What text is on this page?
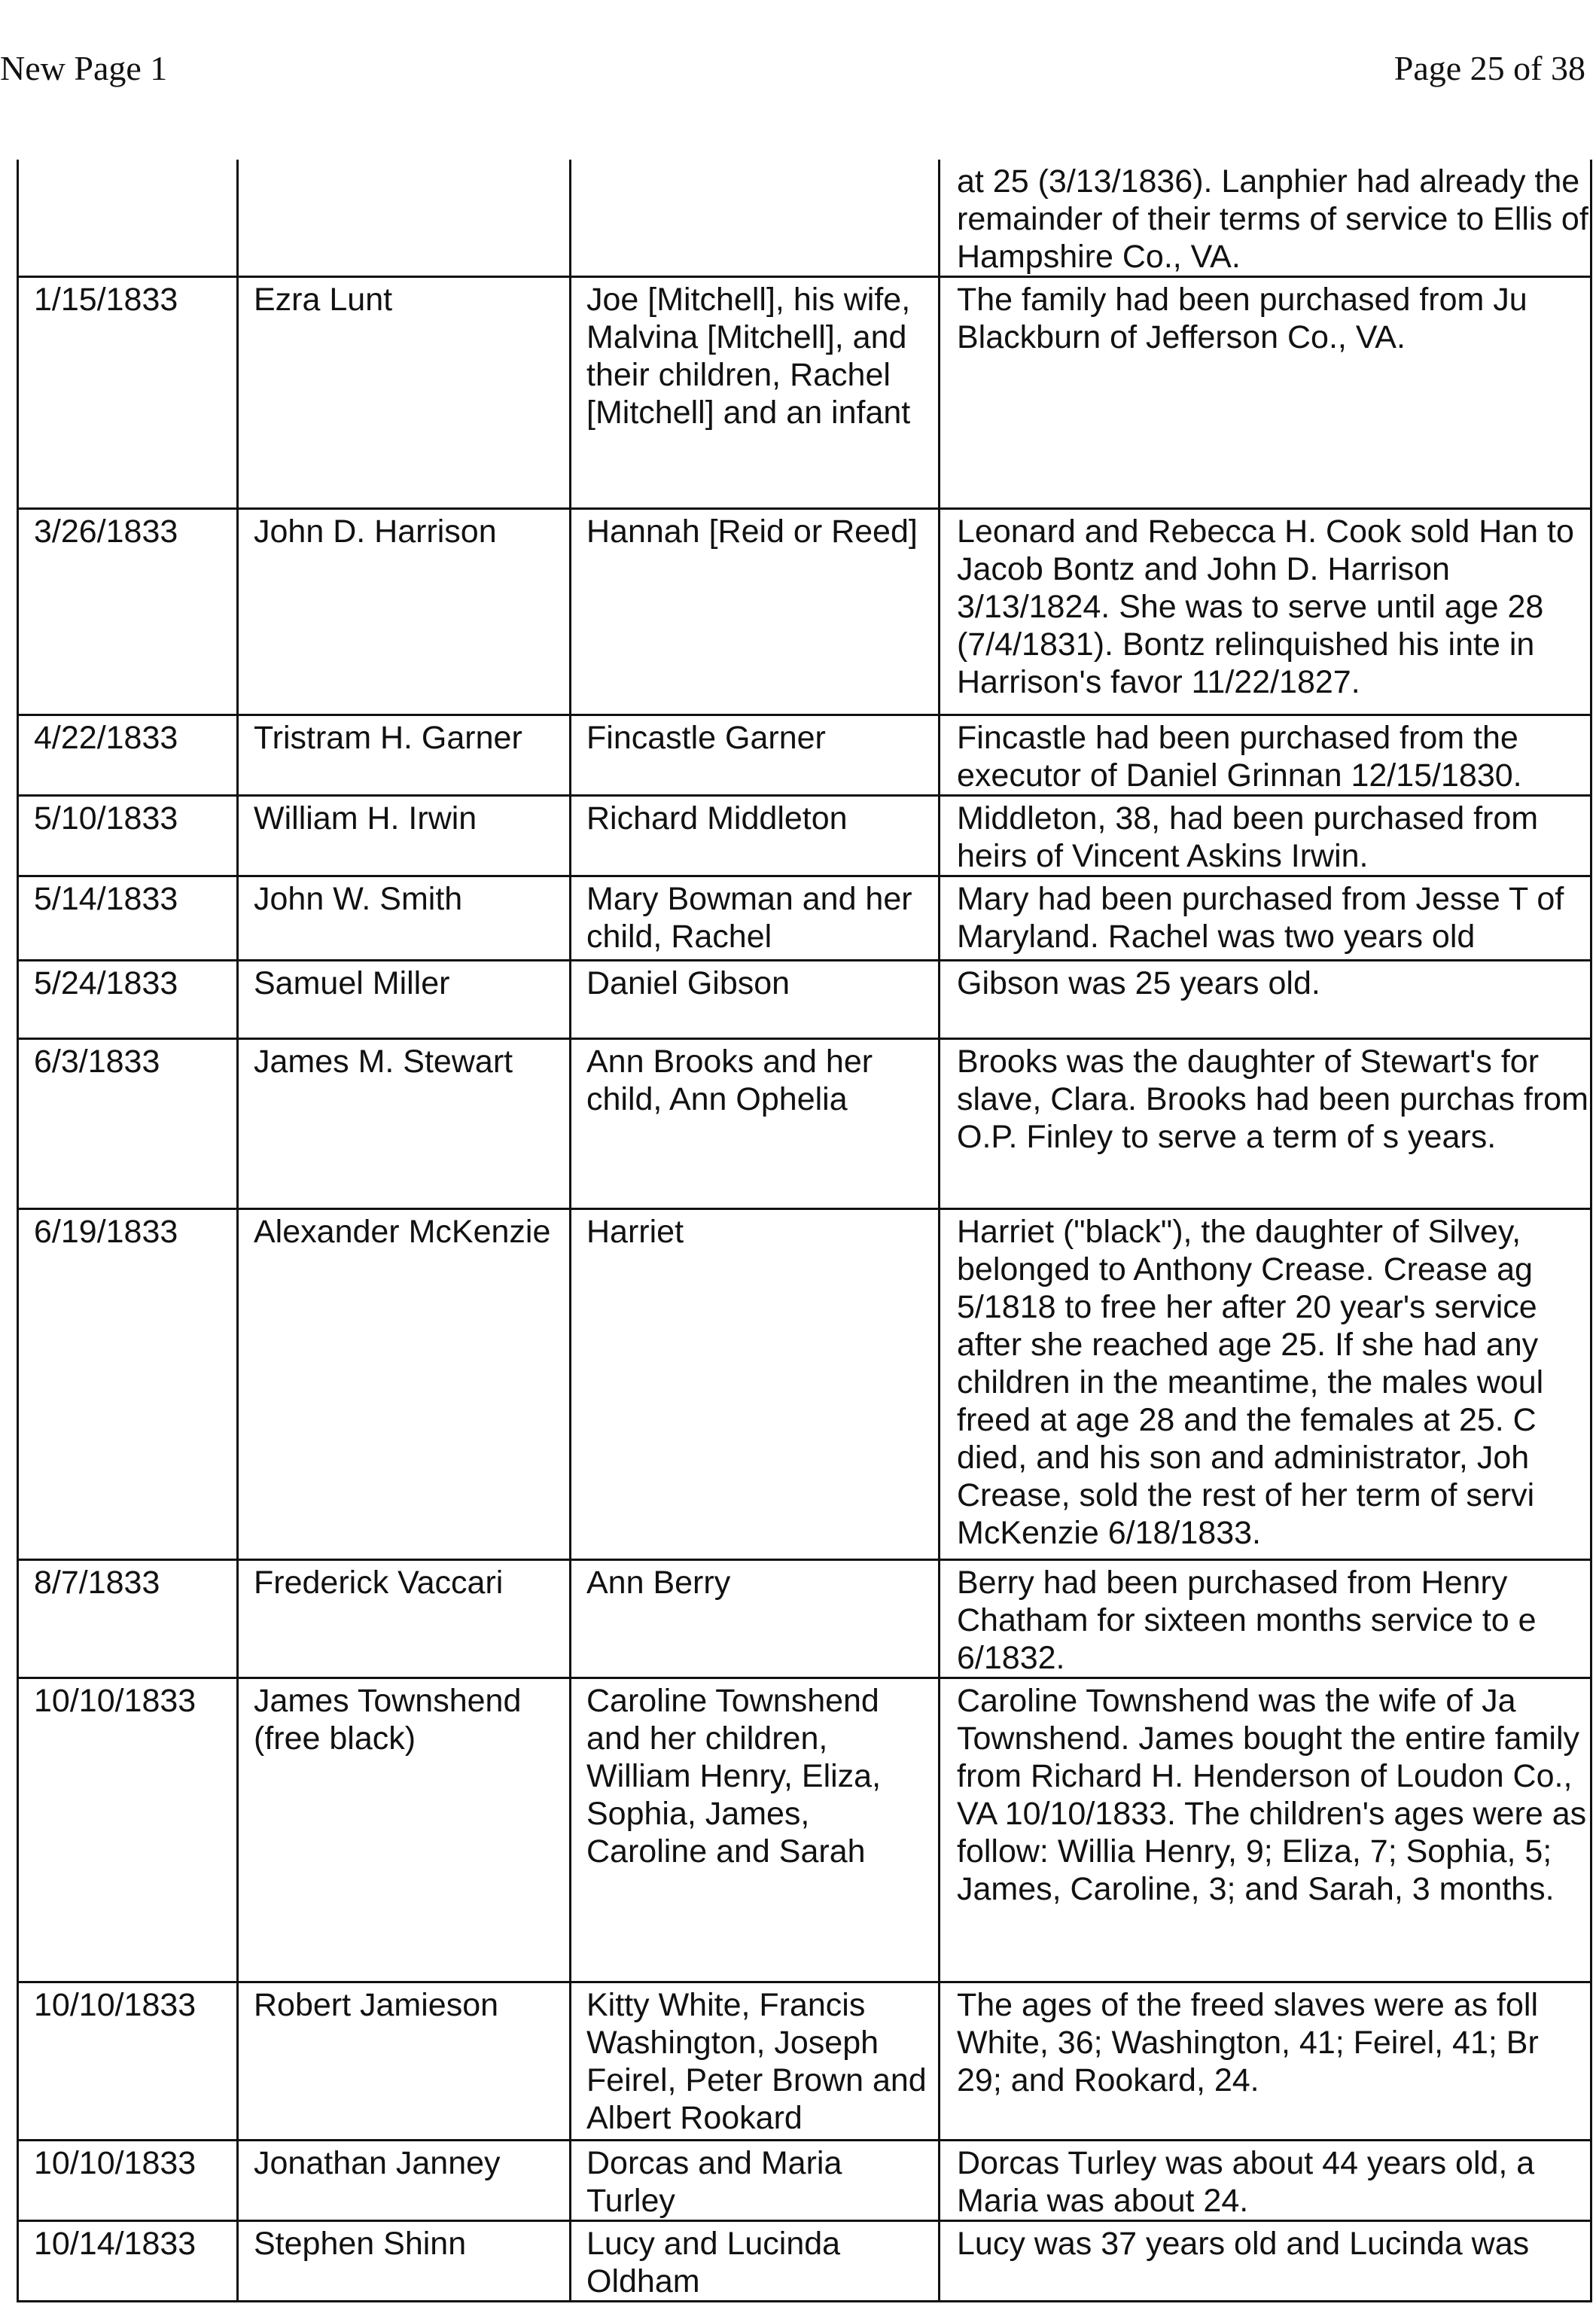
New Page 1	Page 25 of 38
			at 25 (3/13/1836). Lanphier had already the remainder of their terms of service to Ellis of Hampshire Co., VA.
1/15/1833	Ezra Lunt	Joe [Mitchell], his wife, Malvina [Mitchell], and their children, Rachel [Mitchell] and an infant	The family had been purchased from Ju Blackburn of Jefferson Co., VA.
3/26/1833	John D. Harrison	Hannah [Reid or Reed]	Leonard and Rebecca H. Cook sold Han to Jacob Bontz and John D. Harrison 3/13/1824. She was to serve until age 28 (7/4/1831). Bontz relinquished his inte in Harrison's favor 11/22/1827.
4/22/1833	Tristram H. Garner	Fincastle Garner	Fincastle had been purchased from the executor of Daniel Grinnan 12/15/1830.
5/10/1833	William H. Irwin	Richard Middleton	Middleton, 38, had been purchased from heirs of Vincent Askins Irwin.
5/14/1833	John W. Smith	Mary Bowman and her child, Rachel	Mary had been purchased from Jesse T of Maryland. Rachel was two years old
5/24/1833	Samuel Miller	Daniel Gibson	Gibson was 25 years old.
6/3/1833	James M. Stewart	Ann Brooks and her child, Ann Ophelia	Brooks was the daughter of Stewart's for slave, Clara. Brooks had been purchas from O.P. Finley to serve a term of s years.
6/19/1833	Alexander McKenzie	Harriet	Harriet ("black"), the daughter of Silvey, belonged to Anthony Crease. Crease ag 5/1818 to free her after 20 year's service after she reached age 25. If she had any children in the meantime, the males woul freed at age 28 and the females at 25. C died, and his son and administrator, Joh Crease, sold the rest of her term of servi McKenzie 6/18/1833.
8/7/1833	Frederick Vaccari	Ann Berry	Berry had been purchased from Henry Chatham for sixteen months service to e 6/1832.
10/10/1833	James Townshend (free black)	Caroline Townshend and her children, William Henry, Eliza, Sophia, James, Caroline and Sarah	Caroline Townshend was the wife of Ja Townshend. James bought the entire family from Richard H. Henderson of Loudon Co., VA 10/10/1833. The children's ages were as follow: Willia Henry, 9; Eliza, 7; Sophia, 5; James, Caroline, 3; and Sarah, 3 months.
10/10/1833	Robert Jamieson	Kitty White, Francis Washington, Joseph Feirel, Peter Brown and Albert Rookard	The ages of the freed slaves were as foll White, 36; Washington, 41; Feirel, 41; Br 29; and Rookard, 24.
10/10/1833	Jonathan Janney	Dorcas and Maria Turley	Dorcas Turley was about 44 years old, a Maria was about 24.
10/14/1833	Stephen Shinn	Lucy and Lucinda Oldham	Lucy was 37 years old and Lucinda was
